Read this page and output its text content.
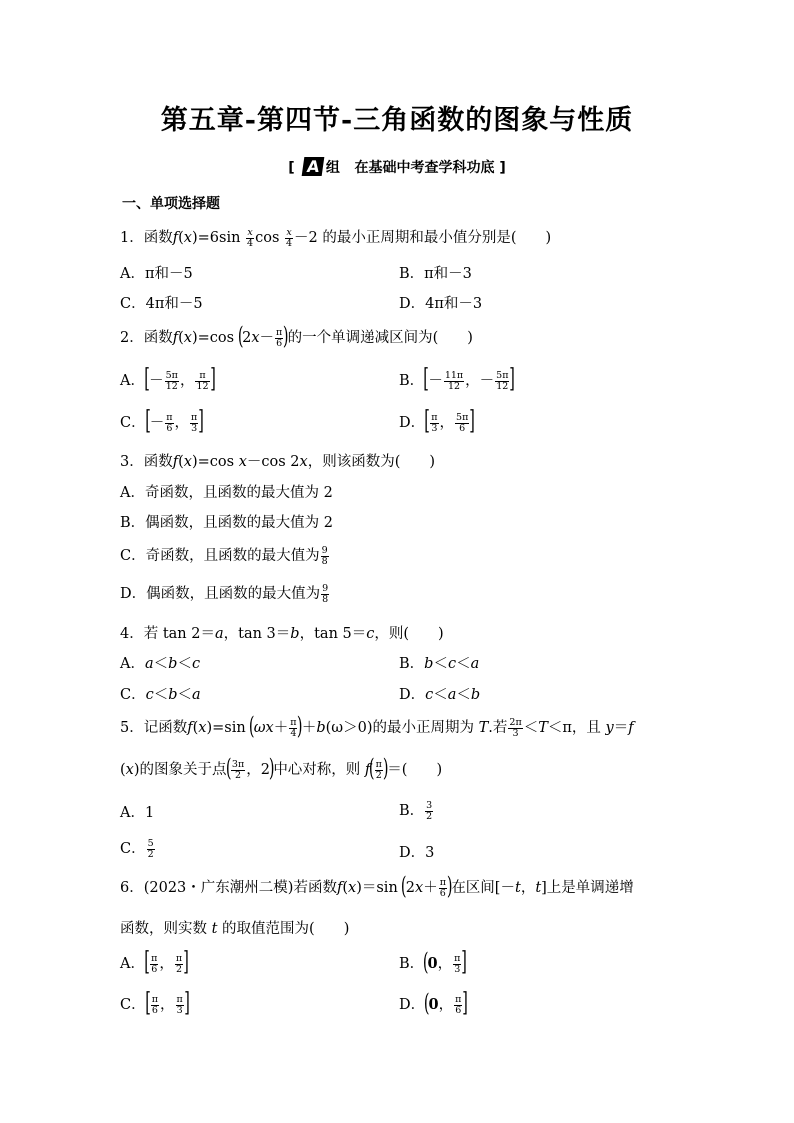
第五章-第四节-三角函数的图象与性质
[ A 组 在基础中考查学科功底 ]
一、单项选择题
1．函数$f(x)=6\sin \frac{x}{4}$ $\cos \frac{x}{4} -2$ 的最小正周期和最小值分别是(　　)
A．π和－5	B．π和－3
C．4π和－5	D．4π和－3
2．函数f(x)=cos ($2x- \frac{\pi}{6}$ )的一个单调递减区间为(　　)
A．[－ $\frac{5\pi}{12}$ ， $\frac{\pi}{12}$ ]	B．[－ $\frac{11\pi}{12}$ ，－ $\frac{5\pi}{12}$ ]
C．[－ $\frac{\pi}{6}$ ， $\frac{\pi}{3}$ ]	D．[ $\frac{\pi}{3}$ ， $\frac{5\pi}{6}$ ]
3．函数f(x)=cos x－cos 2x，则该函数为(　　)
A．奇函数，且函数的最大值为 2
B．偶函数，且函数的最大值为 2
C．奇函数，且函数的最大值为 $\frac{9}{8}$
D．偶函数，且函数的最大值为 $\frac{9}{8}$
4．若 tan 2＝a，tan 3＝b，tan 5＝c，则(　　)
A．a＜b＜c	B．b＜c＜a
C．c＜b＜a	D．c＜a＜b
5．记函数f(x)=sin $(\omega x+ \frac{\pi}{4} )+b(\omega>0)$的最小正周期为 T.若 $\frac{2\pi}{3} <T<\pi$，且 y＝f
(x)的图象关于点( $\frac{3\pi}{2}$ ，2)中心对称，则 $f( \frac{\pi}{2}$ )＝(　　)
A．1	B． $\frac{3}{2}$
C． $\frac{5}{2}$	D．3
6．(2023・广东潮州二模)若函数f(x)＝sin ($2x+ \frac{\pi}{6}$ )在区间[－t，t]上是单调递增
函数，则实数 t 的取值范围为(　　)
A．[ $\frac{\pi}{6}$ ， $\frac{\pi}{2}$ ]	B．(0， $\frac{\pi}{3}$ ]
C．[ $\frac{\pi}{6}$ ， $\frac{\pi}{3}$ ]	D．(0， $\frac{\pi}{6}$ ]
